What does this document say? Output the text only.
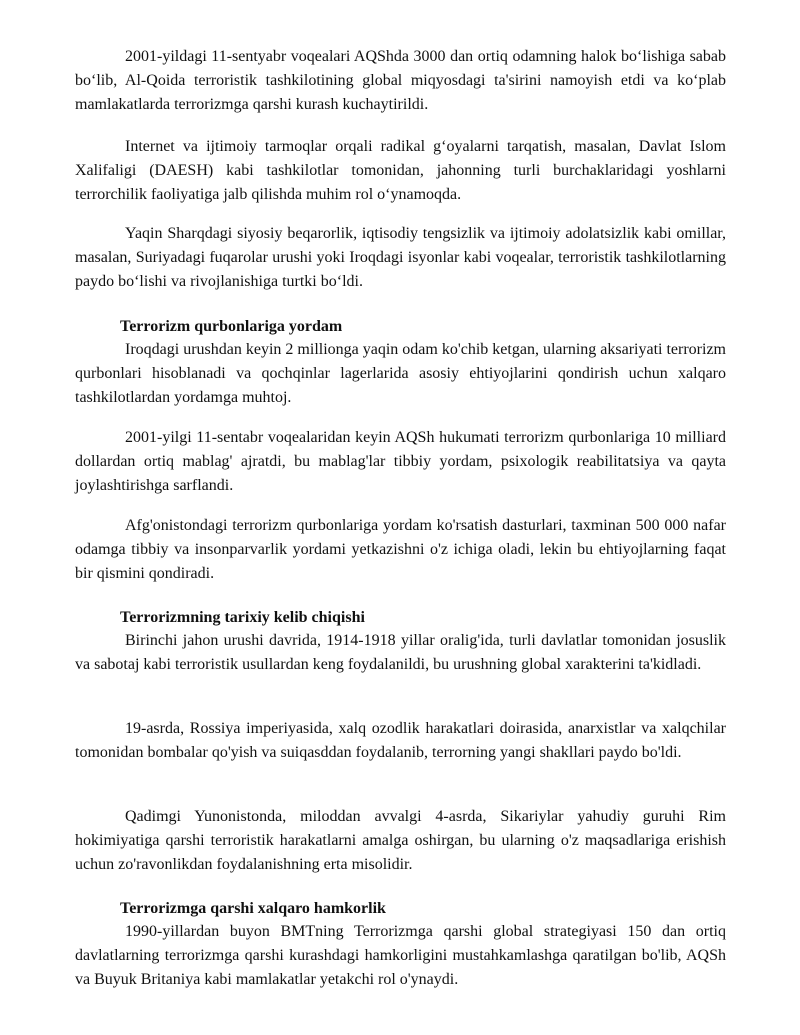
2001-yildagi 11-sentyabr voqealari AQShda 3000 dan ortiq odamning halok bo‘lishiga sabab bo‘lib, Al-Qoida terroristik tashkilotining global miqyosdagi ta'sirini namoyish etdi va ko‘plab mamlakatlarda terrorizmga qarshi kurash kuchaytirildi.

Internet va ijtimoiy tarmoqlar orqali radikal g‘oyalarni tarqatish, masalan, Davlat Islom Xalifaligi (DAESH) kabi tashkilotlar tomonidan, jahonning turli burchaklaridagi yoshlarni terrorchilik faoliyatiga jalb qilishda muhim rol o‘ynamoqda.

Yaqin Sharqdagi siyosiy beqarorlik, iqtisodiy tengsizlik va ijtimoiy adolatsizlik kabi omillar, masalan, Suriyadagi fuqarolar urushi yoki Iroqdagi isyonlar kabi voqealar, terroristik tashkilotlarning paydo bo‘lishi va rivojlanishiga turtki bo‘ldi.

Terrorizm qurbonlariga yordam

Iroqdagi urushdan keyin 2 millionga yaqin odam ko'chib ketgan, ularning aksariyati terrorizm qurbonlari hisoblanadi va qochqinlar lagerlarida asosiy ehtiyojlarini qondirish uchun xalqaro tashkilotlardan yordamga muhtoj.

2001-yilgi 11-sentabr voqealaridan keyin AQSh hukumati terrorizm qurbonlariga 10 milliard dollardan ortiq mablag' ajratdi, bu mablag'lar tibbiy yordam, psixologik reabilitatsiya va qayta joylashtirishga sarflandi.

Afg'onistondagi terrorizm qurbonlariga yordam ko'rsatish dasturlari, taxminan 500 000 nafar odamga tibbiy va insonparvarlik yordami yetkazishni o'z ichiga oladi, lekin bu ehtiyojlarning faqat bir qismini qondiradi.

Terrorizmning tarixiy kelib chiqishi

Birinchi jahon urushi davrida, 1914-1918 yillar oralig'ida, turli davlatlar tomonidan josuslik va sabotaj kabi terroristik usullardan keng foydalanildi, bu urushning global xarakterini ta'kidladi.

19-asrda, Rossiya imperiyasida, xalq ozodlik harakatlari doirasida, anarxistlar va xalqchilar tomonidan bombalar qo'yish va suiqasddan foydalanib, terrorning yangi shakllari paydo bo'ldi.

Qadimgi Yunonistonda, miloddan avvalgi 4-asrda, Sikariylar yahudiy guruhi Rim hokimiyatiga qarshi terroristik harakatlarni amalga oshirgan, bu ularning o'z maqsadlariga erishish uchun zo'ravonlikdan foydalanishning erta misolidir.

Terrorizmga qarshi xalqaro hamkorlik

1990-yillardan buyon BMTning Terrorizmga qarshi global strategiyasi 150 dan ortiq davlatlarning terrorizmga qarshi kurashdagi hamkorligini mustahkamlashga qaratilgan bo'lib, AQSh va Buyuk Britaniya kabi mamlakatlar yetakchi rol o'ynaydi.
